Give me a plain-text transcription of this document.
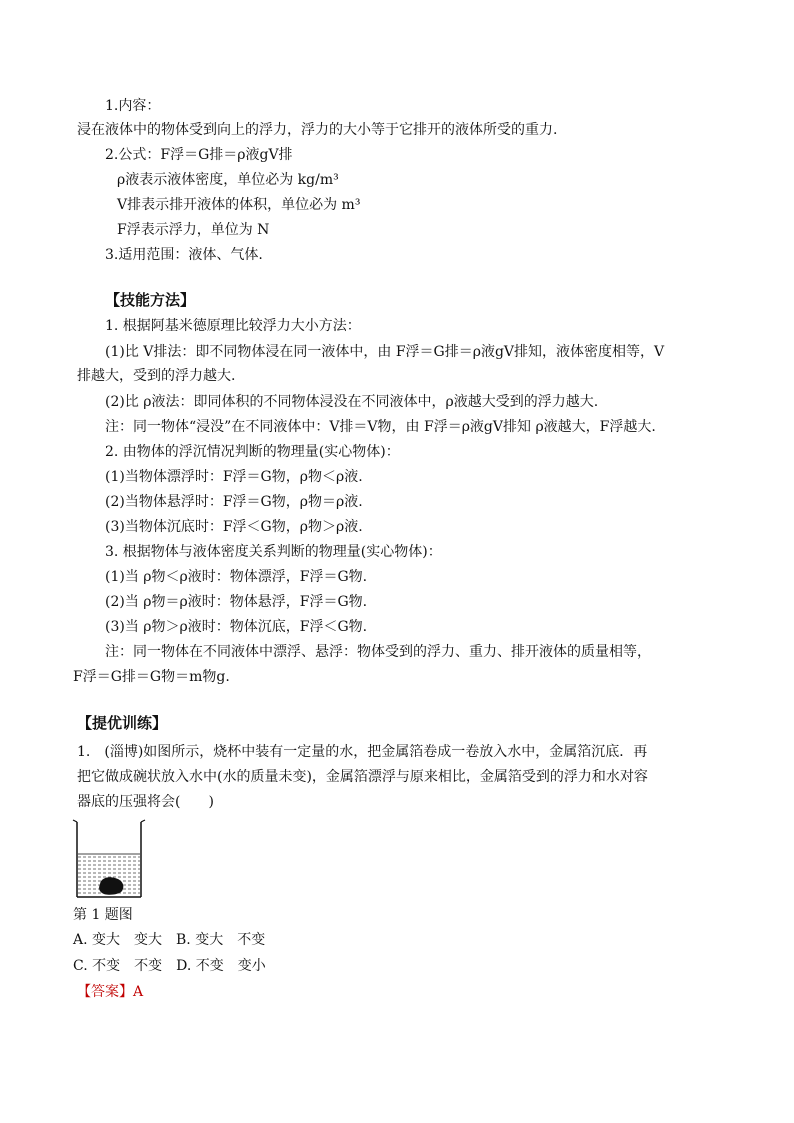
1.内容：
浸在液体中的物体受到向上的浮力，浮力的大小等于它排开的液体所受的重力.
2.公式：F浮＝G排＝ρ液gV排
ρ液表示液体密度，单位必为 kg/m³
V排表示排开液体的体积，单位必为 m³
F浮表示浮力，单位为 N
3.适用范围：液体、气体.
【技能方法】
1. 根据阿基米德原理比较浮力大小方法：
(1)比 V排法：即不同物体浸在同一液体中，由 F浮＝G排＝ρ液gV排知，液体密度相等，V
排越大，受到的浮力越大.
(2)比 ρ液法：即同体积的不同物体浸没在不同液体中，ρ液越大受到的浮力越大.
注：同一物体“浸没”在不同液体中：V排＝V物，由 F浮＝ρ液gV排知 ρ液越大，F浮越大.
2. 由物体的浮沉情况判断的物理量(实心物体)：
(1)当物体漂浮时：F浮＝G物，ρ物＜ρ液.
(2)当物体悬浮时：F浮＝G物，ρ物＝ρ液.
(3)当物体沉底时：F浮＜G物，ρ物＞ρ液.
3. 根据物体与液体密度关系判断的物理量(实心物体)：
(1)当 ρ物＜ρ液时：物体漂浮，F浮＝G物.
(2)当 ρ物＝ρ液时：物体悬浮，F浮＝G物.
(3)当 ρ物＞ρ液时：物体沉底，F浮＜G物.
注：同一物体在不同液体中漂浮、悬浮：物体受到的浮力、重力、排开液体的质量相等，
F浮＝G排＝G物＝m物g.
【提优训练】
1.　(淄博)如图所示，烧杯中装有一定量的水，把金属箔卷成一卷放入水中，金属箔沉底．再
把它做成碗状放入水中(水的质量未变)，金属箔漂浮与原来相比，金属箔受到的浮力和水对容
器底的压强将会(　　)
第 1 题图
A. 变大　变大　B. 变大　不变
C. 不变　不变　D. 不变　变小
【答案】A
